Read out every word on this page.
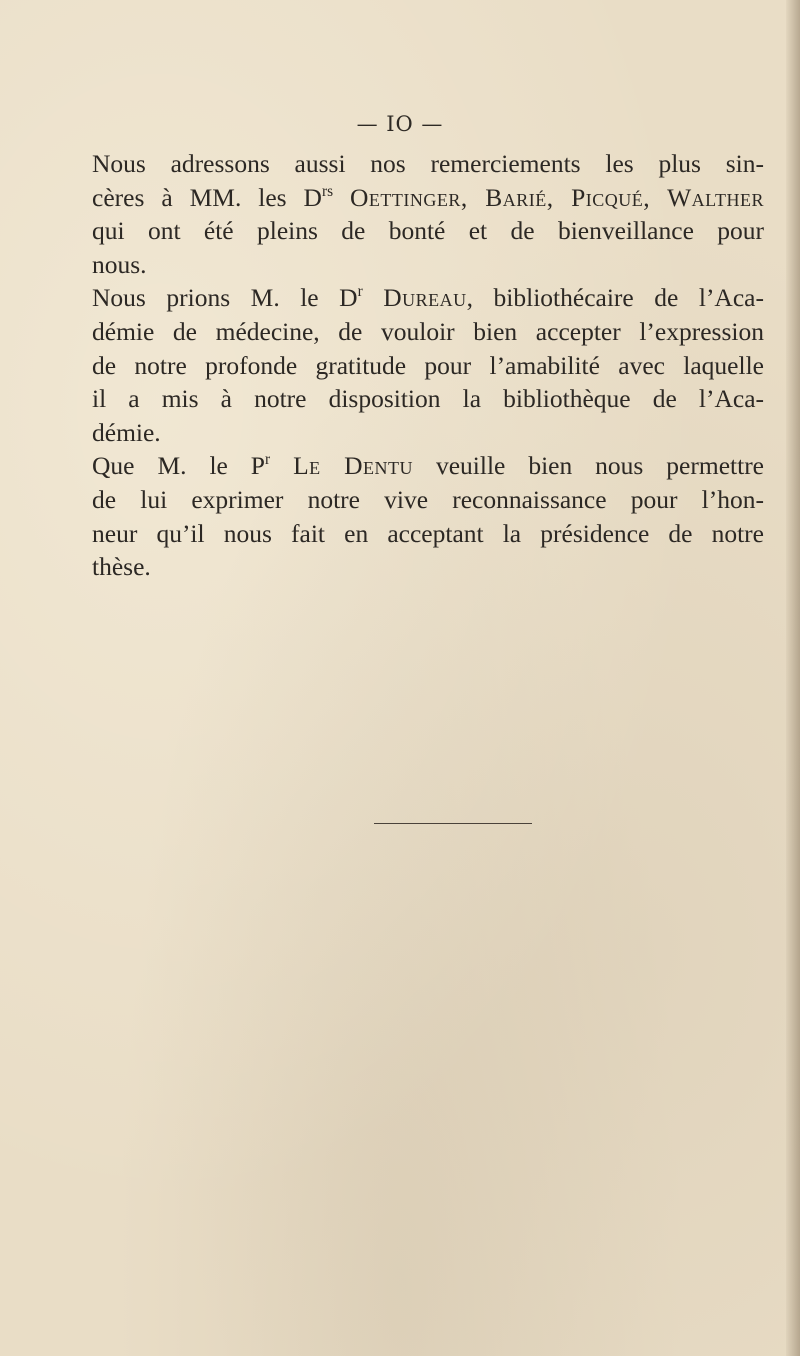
— IO —
Nous adressons aussi nos remerciements les plus sin-
cères à MM. les $D^{rs}$ Oettinger, Barié, Picqué, Walther
qui ont été pleins de bonté et de bienveillance pour
nous.
Nous prions M. le $D^r$ Dureau, bibliothécaire de l’Aca-
démie de médecine, de vouloir bien accepter l’expression
de notre profonde gratitude pour l’amabilité avec laquelle
il a mis à notre disposition la bibliothèque de l’Aca-
démie.
Que M. le $P^r$ Le Dentu veuille bien nous permettre
de lui exprimer notre vive reconnaissance pour l’hon-
neur qu’il nous fait en acceptant la présidence de notre
thèse.
